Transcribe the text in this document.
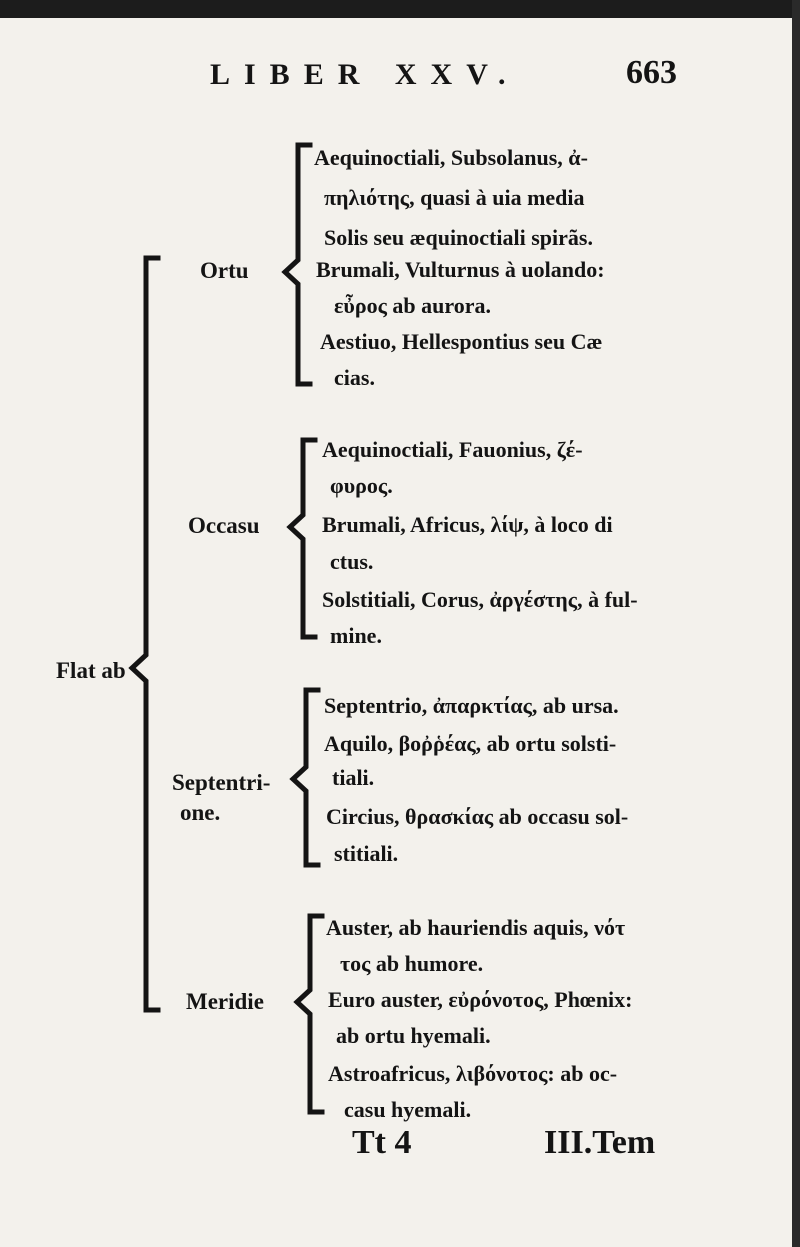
LIBER XXV.	663
Flat ab
Ortu
Occasu
Septentri-
one.
Meridie
Aequinoctiali, Subsolanus, ἀ-
πηλιότης, quasi à uia media
Solis seu æquinoctiali spirãs.
Brumali, Vulturnus à uolando:
εὖρος ab aurora.
Aestiuo, Hellespontius seu Cæ
cias.
Aequinoctiali, Fauonius, ζέ-
φυρος.
Brumali, Africus, λίψ, à loco di
ctus.
Solstitiali, Corus, ἀργέστης, à ful-
mine.
Septentrio, ἀπαρκτίας, ab ursa.
Aquilo, βοῤῥέας, ab ortu solsti-
tiali.
Circius, θρασκίας ab occasu sol-
stitiali.
Auster, ab hauriendis aquis, νότ
τος ab humore.
Euro auster, εὐρόνοτος, Phœnix:
ab ortu hyemali.
Astroafricus, λιβόνοτος: ab oc-
casu hyemali.
Tt 4	III.Tem
